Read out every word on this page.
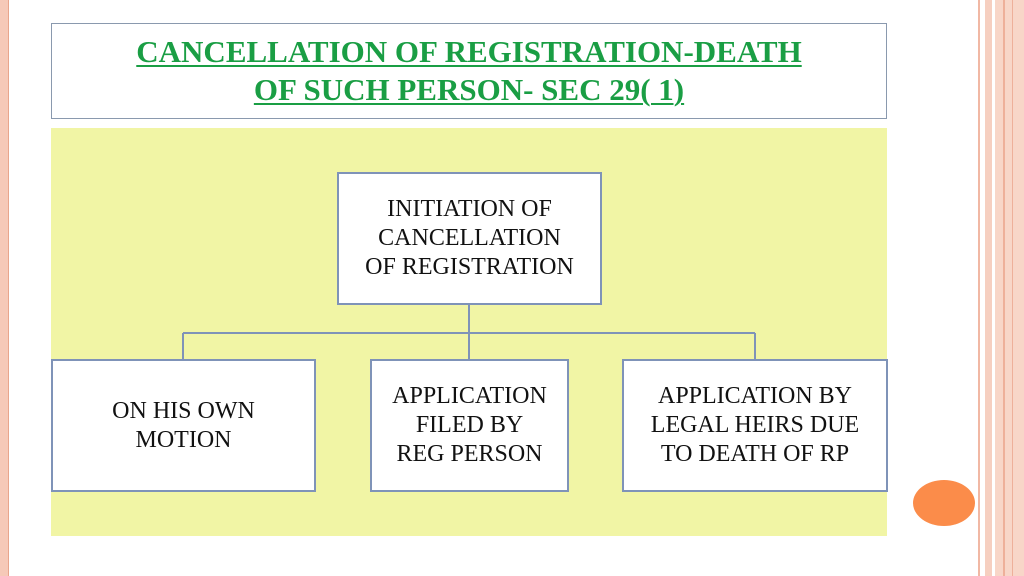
CANCELLATION OF REGISTRATION-DEATH
OF SUCH PERSON- SEC 29( 1)
INITIATION OF
CANCELLATION
OF REGISTRATION
ON HIS OWN
MOTION
APPLICATION
FILED BY
REG PERSON
APPLICATION BY
LEGAL HEIRS DUE
TO DEATH OF RP
